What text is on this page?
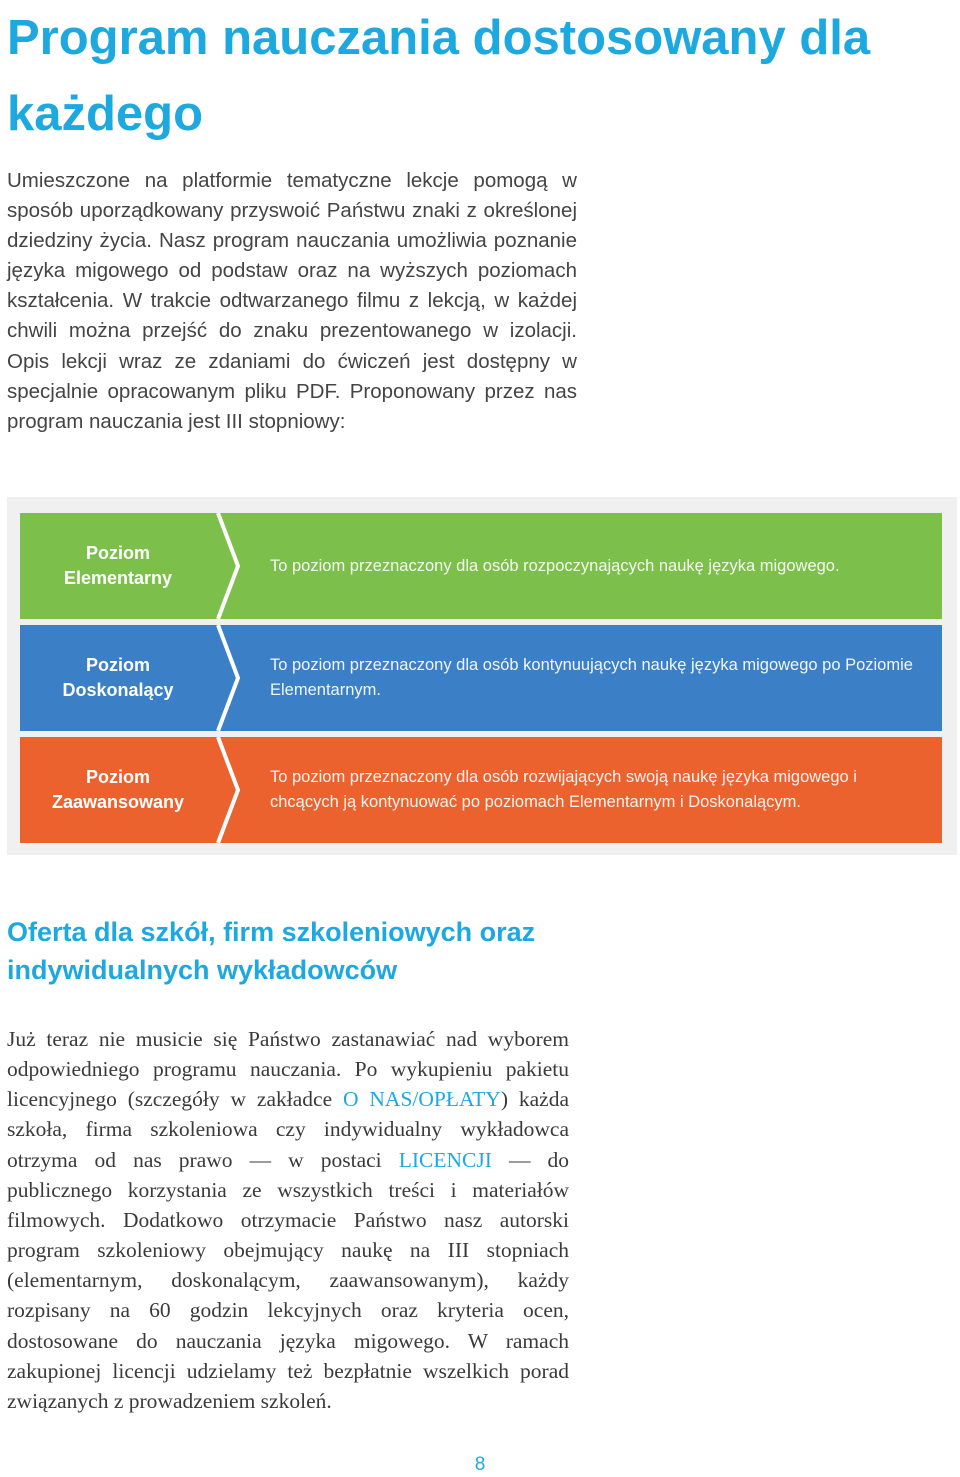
Program nauczania dostosowany dla każdego

Umieszczone na platformie tematyczne lekcje pomogą w sposób uporządkowany przyswoić Państwu znaki z określonej dziedziny życia. Nasz program nauczania umożliwia poznanie języka migowego od podstaw oraz na wyższych poziomach kształcenia. W trakcie odtwarzanego filmu z lekcją, w każdej chwili można przejść do znaku prezentowanego w izolacji. Opis lekcji wraz ze zdaniami do ćwiczeń jest dostępny w specjalnie opracowanym pliku PDF. Proponowany przez nas program nauczania jest III stopniowy:

Poziom
Elementarny
To poziom przeznaczony dla osób rozpoczynających naukę języka migowego.
Poziom
Doskonalący
To poziom przeznaczony dla osób kontynuujących naukę języka migowego po Poziomie Elementarnym.
Poziom
Zaawansowany
To poziom przeznaczony dla osób rozwijających swoją naukę języka migowego i chcących ją kontynuować po poziomach Elementarnym i Doskonalącym.
Oferta dla szkół, firm szkoleniowych oraz indywidualnych wykładowców

Już teraz nie musicie się Państwo zastanawiać nad wyborem odpowiedniego programu nauczania. Po wykupieniu pakietu licencyjnego (szczegóły w zakładce O NAS/OPŁATY) każda szkoła, firma szkoleniowa czy indywidualny wykładowca otrzyma od nas prawo — w postaci LICENCJI — do publicznego korzystania ze wszystkich treści i materiałów filmowych. Dodatkowo otrzymacie Państwo nasz autorski program szkoleniowy obejmujący naukę na III stopniach (elementarnym, doskonalącym, zaawansowanym), każdy rozpisany na 60 godzin lekcyjnych oraz kryteria ocen, dostosowane do nauczania języka migowego. W ramach zakupionej licencji udzielamy też bezpłatnie wszelkich porad związanych z prowadzeniem szkoleń.

8
